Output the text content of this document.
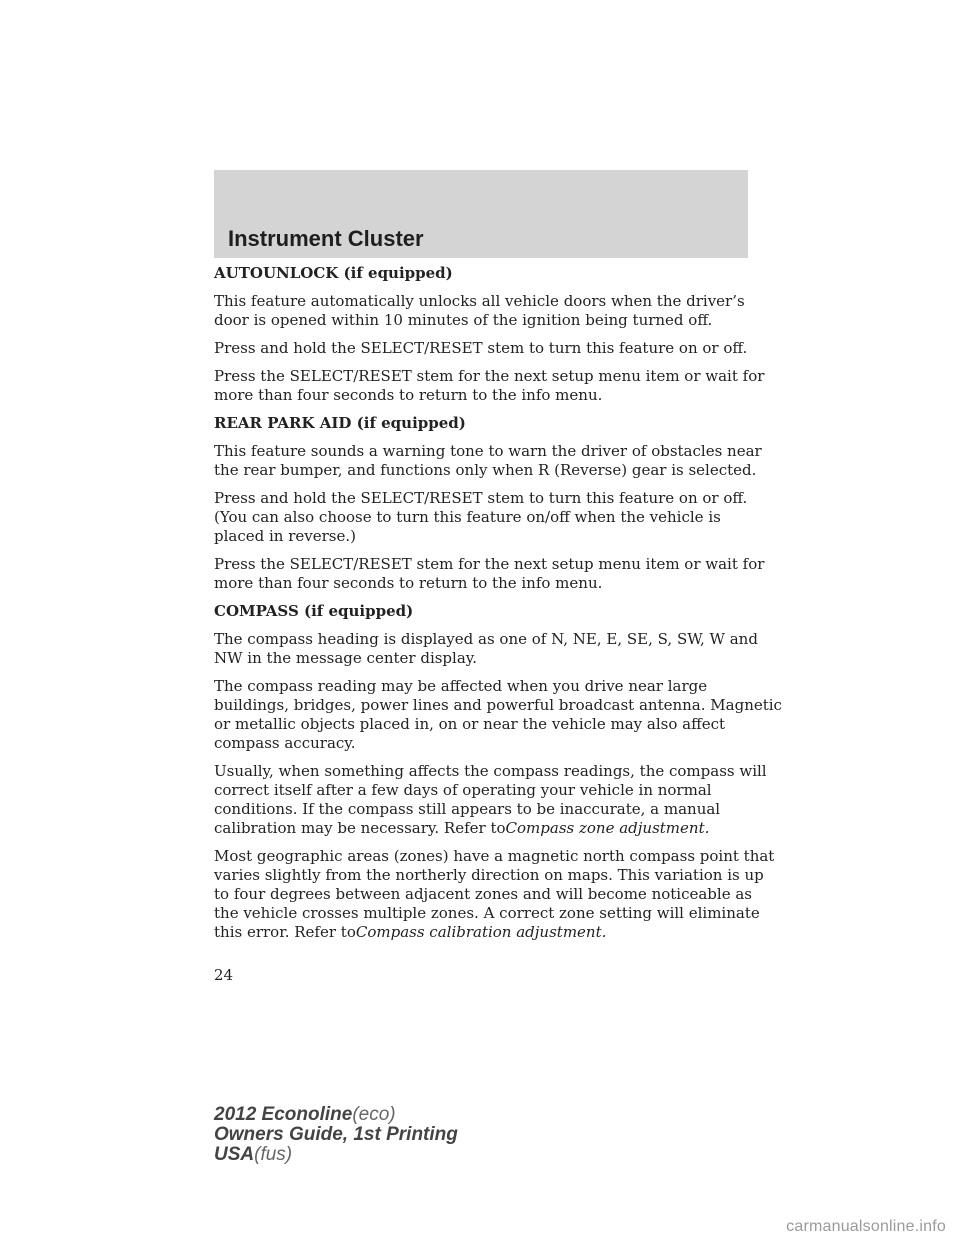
Instrument Cluster
AUTOUNLOCK (if equipped)

This feature automatically unlocks all vehicle doors when the driver’s
door is opened within 10 minutes of the ignition being turned off.

Press and hold the SELECT/RESET stem to turn this feature on or off.

Press the SELECT/RESET stem for the next setup menu item or wait for
more than four seconds to return to the info menu.

REAR PARK AID (if equipped)

This feature sounds a warning tone to warn the driver of obstacles near
the rear bumper, and functions only when R (Reverse) gear is selected.

Press and hold the SELECT/RESET stem to turn this feature on or off.
(You can also choose to turn this feature on/off when the vehicle is
placed in reverse.)

Press the SELECT/RESET stem for the next setup menu item or wait for
more than four seconds to return to the info menu.

COMPASS (if equipped)

The compass heading is displayed as one of N, NE, E, SE, S, SW, W and
NW in the message center display.

The compass reading may be affected when you drive near large
buildings, bridges, power lines and powerful broadcast antenna. Magnetic
or metallic objects placed in, on or near the vehicle may also affect
compass accuracy.

Usually, when something affects the compass readings, the compass will
correct itself after a few days of operating your vehicle in normal
conditions. If the compass still appears to be inaccurate, a manual
calibration may be necessary. Refer toCompass zone adjustment.

Most geographic areas (zones) have a magnetic north compass point that
varies slightly from the northerly direction on maps. This variation is up
to four degrees between adjacent zones and will become noticeable as
the vehicle crosses multiple zones. A correct zone setting will eliminate
this error. Refer toCompass calibration adjustment.

24
2012 Econoline(eco)
Owners Guide, 1st Printing
USA(fus)
carmanualsonline.info
